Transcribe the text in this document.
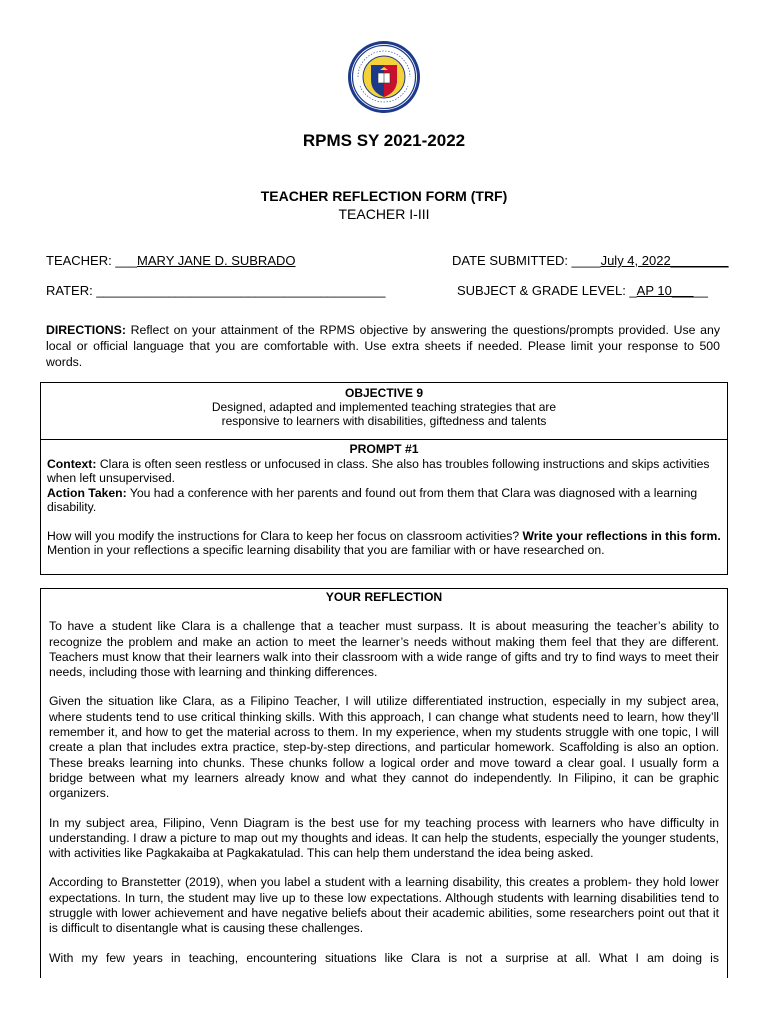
RPMS SY 2021-2022
TEACHER REFLECTION FORM (TRF)
TEACHER I-III
TEACHER: ___MARY JANE D. SUBRADO	DATE SUBMITTED: ____July 4, 2022________
RATER: ________________________________________	SUBJECT & GRADE LEVEL: _AP 10_____
DIRECTIONS: Reflect on your attainment of the RPMS objective by answering the questions/prompts provided. Use any local or official language that you are comfortable with. Use extra sheets if needed. Please limit your response to 500 words.
OBJECTIVE 9
Designed, adapted and implemented teaching strategies that are
responsive to learners with disabilities, giftedness and talents
PROMPT #1

Context: Clara is often seen restless or unfocused in class. She also has troubles following instructions and skips activities when left unsupervised.

Action Taken: You had a conference with her parents and found out from them that Clara was diagnosed with a learning disability.

How will you modify the instructions for Clara to keep her focus on classroom activities? Write your reflections in this form. Mention in your reflections a specific learning disability that you are familiar with or have researched on.

YOUR REFLECTION

To have a student like Clara is a challenge that a teacher must surpass. It is about measuring the teacher’s ability to recognize the problem and make an action to meet the learner’s needs without making them feel that they are different. Teachers must know that their learners walk into their classroom with a wide range of gifts and try to find ways to meet their needs, including those with learning and thinking differences.

Given the situation like Clara, as a Filipino Teacher, I will utilize differentiated instruction, especially in my subject area, where students tend to use critical thinking skills. With this approach, I can change what students need to learn, how they’ll remember it, and how to get the material across to them. In my experience, when my students struggle with one topic, I will create a plan that includes extra practice, step-by-step directions, and particular homework. Scaffolding is also an option. These breaks learning into chunks. These chunks follow a logical order and move toward a clear goal. I usually form a bridge between what my learners already know and what they cannot do independently. In Filipino, it can be graphic organizers.

In my subject area, Filipino, Venn Diagram is the best use for my teaching process with learners who have difficulty in understanding. I draw a picture to map out my thoughts and ideas. It can help the students, especially the younger students, with activities like Pagkakaiba at Pagkakatulad. This can help them understand the idea being asked.

According to Branstetter (2019), when you label a student with a learning disability, this creates a problem- they hold lower expectations. In turn, the student may live up to these low expectations. Although students with learning disabilities tend to struggle with lower achievement and have negative beliefs about their academic abilities, some researchers point out that it is difficult to disentangle what is causing these challenges.

With my few years in teaching, encountering situations like Clara is not a surprise at all. What I am doing is
